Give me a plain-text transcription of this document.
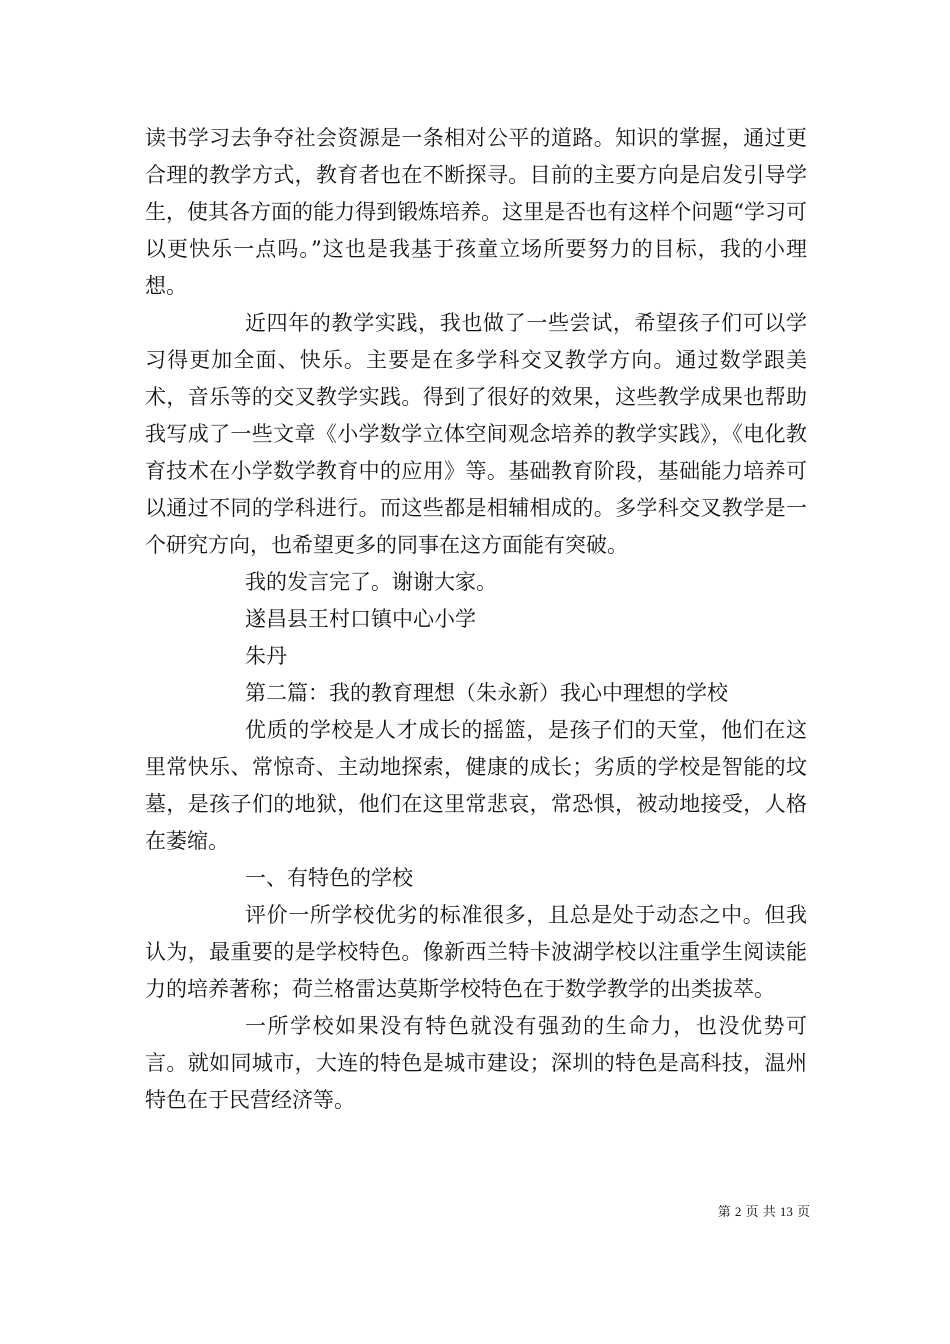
读书学习去争夺社会资源是一条相对公平的道路。知识的掌握，通过更合理的教学方式，教育者也在不断探寻。目前的主要方向是启发引导学生，使其各方面的能力得到锻炼培养。这里是否也有这样个问题“学习可以更快乐一点吗。”这也是我基于孩童立场所要努力的目标，我的小理想。

近四年的教学实践，我也做了一些尝试，希望孩子们可以学习得更加全面、快乐。主要是在多学科交叉教学方向。通过数学跟美术，音乐等的交叉教学实践。得到了很好的效果，这些教学成果也帮助我写成了一些文章《小学数学立体空间观念培养的教学实践》，《电化教育技术在小学数学教育中的应用》等。基础教育阶段，基础能力培养可以通过不同的学科进行。而这些都是相辅相成的。多学科交叉教学是一个研究方向，也希望更多的同事在这方面能有突破。

我的发言完了。谢谢大家。

遂昌县王村口镇中心小学

朱丹

第二篇：我的教育理想（朱永新）我心中理想的学校

优质的学校是人才成长的摇篮，是孩子们的天堂，他们在这里常快乐、常惊奇、主动地探索，健康的成长；劣质的学校是智能的坟墓，是孩子们的地狱，他们在这里常悲哀，常恐惧，被动地接受，人格在萎缩。

一、有特色的学校

评价一所学校优劣的标准很多，且总是处于动态之中。但我认为，最重要的是学校特色。像新西兰特卡波湖学校以注重学生阅读能力的培养著称；荷兰格雷达莫斯学校特色在于数学教学的出类拔萃。

一所学校如果没有特色就没有强劲的生命力，也没优势可言。就如同城市，大连的特色是城市建设；深圳的特色是高科技，温州特色在于民营经济等。

第 2 页 共 13 页
